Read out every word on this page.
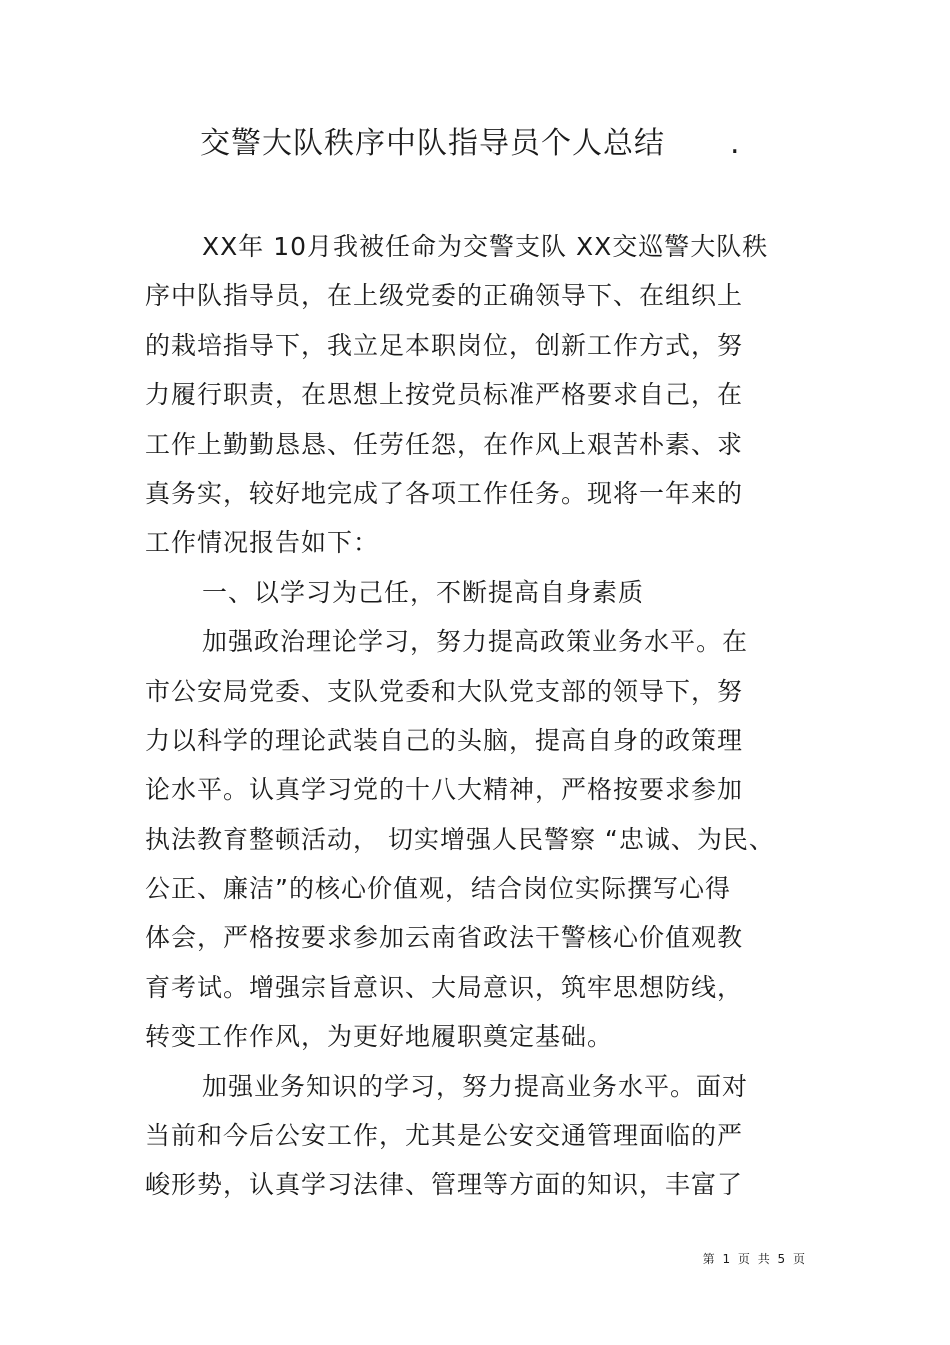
交警大队秩序中队指导员个人总结 .
XX年 10月我被任命为交警支队 XX交巡警大队秩
序中队指导员，在上级党委的正确领导下、在组织上
的栽培指导下，我立足本职岗位，创新工作方式，努
力履行职责，在思想上按党员标准严格要求自己，在
工作上勤勤恳恳、任劳任怨，在作风上艰苦朴素、求
真务实，较好地完成了各项工作任务。现将一年来的
工作情况报告如下：
一、以学习为己任，不断提高自身素质
加强政治理论学习，努力提高政策业务水平。在
市公安局党委、支队党委和大队党支部的领导下，努
力以科学的理论武装自己的头脑，提高自身的政策理
论水平。认真学习党的十八大精神，严格按要求参加
执法教育整顿活动， 切实增强人民警察 “忠诚、为民、
公正、廉洁”的核心价值观，结合岗位实际撰写心得
体会，严格按要求参加云南省政法干警核心价值观教
育考试。增强宗旨意识、大局意识，筑牢思想防线，
转变工作作风，为更好地履职奠定基础。
加强业务知识的学习，努力提高业务水平。面对
当前和今后公安工作，尤其是公安交通管理面临的严
峻形势，认真学习法律、管理等方面的知识，丰富了
第 1 页 共 5 页
